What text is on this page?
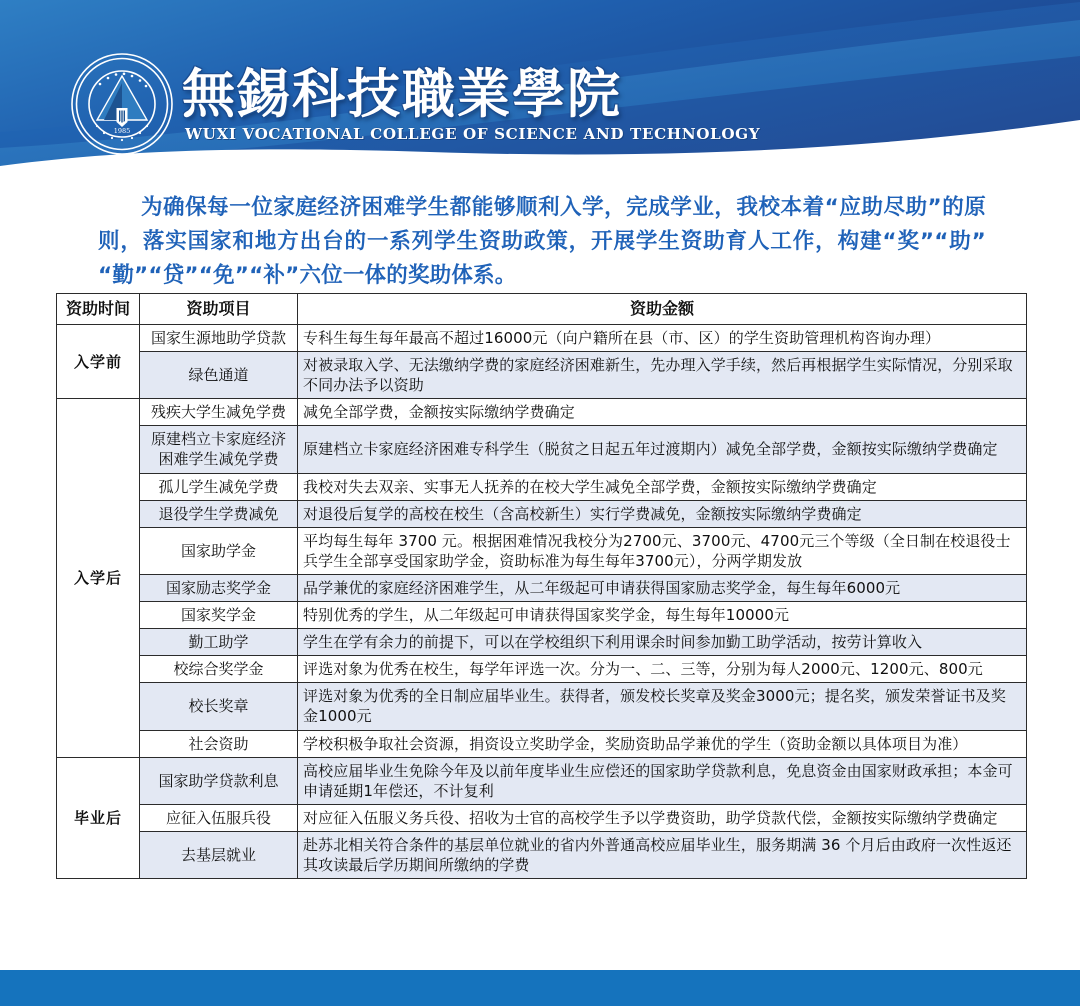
1985
無錫科技職業學院
WUXI VOCATIONAL COLLEGE OF SCIENCE AND TECHNOLOGY
为确保每一位家庭经济困难学生都能够顺利入学，完成学业，我校本着“应助尽助”的原则，落实国家和地方出台的一系列学生资助政策，开展学生资助育人工作，构建“奖”“助”“勤”“贷”“免”“补”六位一体的奖助体系。
资助时间	资助项目	资助金额
入学前	国家生源地助学贷款	专科生每生每年最高不超过16000元（向户籍所在县（市、区）的学生资助管理机构咨询办理）
	绿色通道	对被录取入学、无法缴纳学费的家庭经济困难新生，先办理入学手续，然后再根据学生实际情况，分别采取不同办法予以资助
入学后	残疾大学生减免学费	减免全部学费，金额按实际缴纳学费确定
	原建档立卡家庭经济困难学生减免学费	原建档立卡家庭经济困难专科学生（脱贫之日起五年过渡期内）减免全部学费，金额按实际缴纳学费确定
	孤儿学生减免学费	我校对失去双亲、实事无人抚养的在校大学生减免全部学费，金额按实际缴纳学费确定
	退役学生学费减免	对退役后复学的高校在校生（含高校新生）实行学费减免，金额按实际缴纳学费确定
	国家助学金	平均每生每年 3700 元。根据困难情况我校分为2700元、3700元、4700元三个等级（全日制在校退役士兵学生全部享受国家助学金，资助标准为每生每年3700元），分两学期发放
	国家励志奖学金	品学兼优的家庭经济困难学生，从二年级起可申请获得国家励志奖学金，每生每年6000元
	国家奖学金	特别优秀的学生，从二年级起可申请获得国家奖学金，每生每年10000元
	勤工助学	学生在学有余力的前提下，可以在学校组织下利用课余时间参加勤工助学活动，按劳计算收入
	校综合奖学金	评选对象为优秀在校生，每学年评选一次。分为一、二、三等，分别为每人2000元、1200元、800元
	校长奖章	评选对象为优秀的全日制应届毕业生。获得者，颁发校长奖章及奖金3000元；提名奖，颁发荣誉证书及奖金1000元
	社会资助	学校积极争取社会资源，捐资设立奖助学金，奖励资助品学兼优的学生（资助金额以具体项目为准）
毕业后	国家助学贷款利息	高校应届毕业生免除今年及以前年度毕业生应偿还的国家助学贷款利息，免息资金由国家财政承担；本金可申请延期1年偿还，不计复利
	应征入伍服兵役	对应征入伍服义务兵役、招收为士官的高校学生予以学费资助，助学贷款代偿，金额按实际缴纳学费确定
	去基层就业	赴苏北相关符合条件的基层单位就业的省内外普通高校应届毕业生，服务期满 36 个月后由政府一次性返还其攻读最后学历期间所缴纳的学费
